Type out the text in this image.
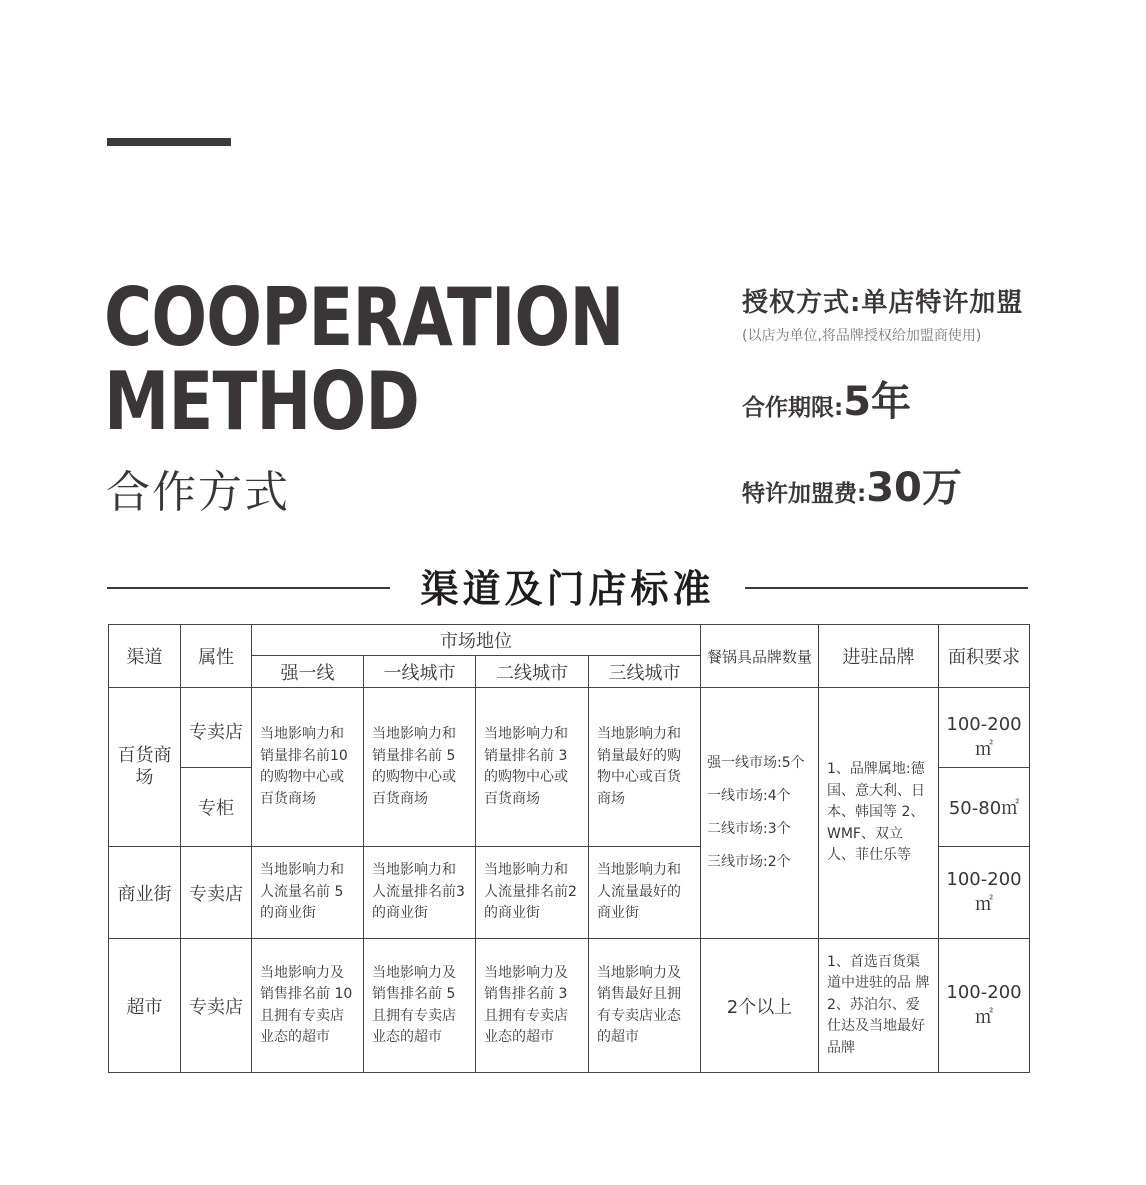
COOPERATION
METHOD
合作方式
授权方式:单店特许加盟
(以店为单位,将品牌授权给加盟商使用)
合作期限:5年
特许加盟费:30万
渠道及门店标准
渠道	属性	市场地位				餐锅具品牌数量	进驻品牌	面积要求
		强一线	一线城市	二线城市	三线城市			
百货商场	专卖店	当地影响力和销量排名前10的购物中心或百货商场	当地影响力和销量排名前 5 的购物中心或百货商场	当地影响力和销量排名前 3 的购物中心或百货商场	当地影响力和销量最好的购物中心或百货商场	强一线市场:5个
一线市场:4个
二线市场:3个
三线市场:2个	1、品牌属地:德国、意大利、日本、韩国等 2、WMF、双立人、菲仕乐等	100-200㎡
	专柜							50-80㎡
商业街	专卖店	当地影响力和人流量名前 5 的商业街	当地影响力和人流量排名前3的商业街	当地影响力和人流量排名前2的商业街	当地影响力和人流量最好的商业街			100-200㎡
超市	专卖店	当地影响力及销售排名前 10 且拥有专卖店业态的超市	当地影响力及销售排名前 5 且拥有专卖店业态的超市	当地影响力及销售排名前 3 且拥有专卖店业态的超市	当地影响力及销售最好且拥有专卖店业态的超市	2个以上	1、首选百货渠道中进驻的品 牌 2、苏泊尔、爱仕达及当地最好品牌	100-200㎡
